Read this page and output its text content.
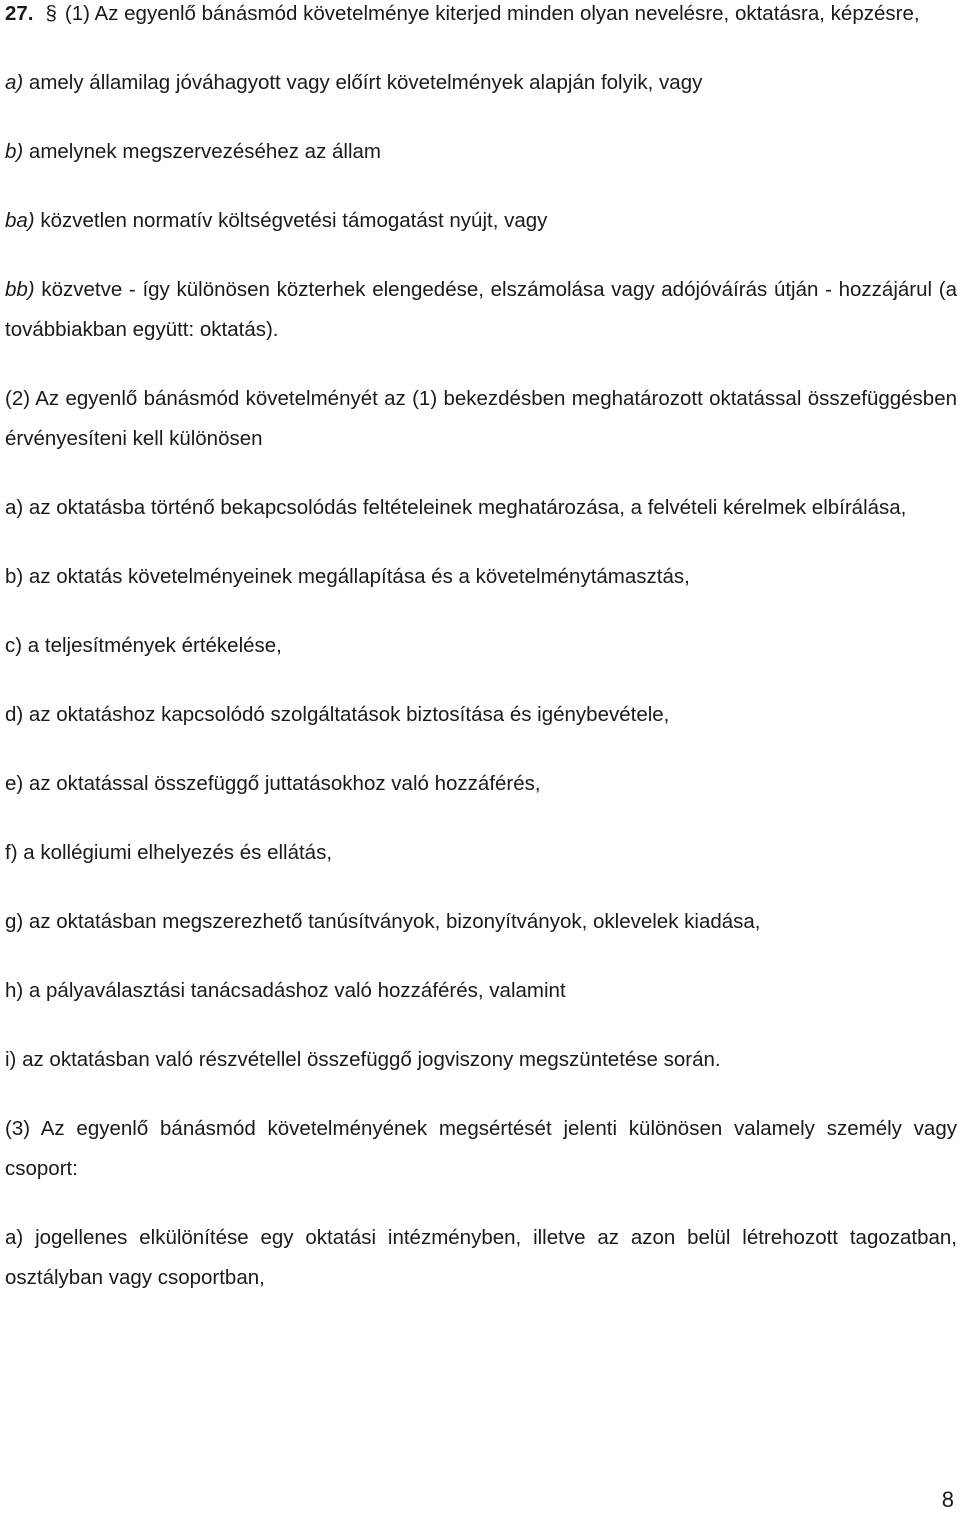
27. § (1) Az egyenlő bánásmód követelménye kiterjed minden olyan nevelésre, oktatásra, képzésre,

a) amely államilag jóváhagyott vagy előírt követelmények alapján folyik, vagy

b) amelynek megszervezéséhez az állam

ba) közvetlen normatív költségvetési támogatást nyújt, vagy

bb) közvetve - így különösen közterhek elengedése, elszámolása vagy adójóváírás útján - hozzájárul (a továbbiakban együtt: oktatás).

(2) Az egyenlő bánásmód követelményét az (1) bekezdésben meghatározott oktatással összefüggésben érvényesíteni kell különösen

a) az oktatásba történő bekapcsolódás feltételeinek meghatározása, a felvételi kérelmek elbírálása,

b) az oktatás követelményeinek megállapítása és a követelménytámasztás,

c) a teljesítmények értékelése,

d) az oktatáshoz kapcsolódó szolgáltatások biztosítása és igénybevétele,

e) az oktatással összefüggő juttatásokhoz való hozzáférés,

f) a kollégiumi elhelyezés és ellátás,

g) az oktatásban megszerezhető tanúsítványok, bizonyítványok, oklevelek kiadása,

h) a pályaválasztási tanácsadáshoz való hozzáférés, valamint

i) az oktatásban való részvétellel összefüggő jogviszony megszüntetése során.

(3) Az egyenlő bánásmód követelményének megsértését jelenti különösen valamely személy vagy csoport:

a) jogellenes elkülönítése egy oktatási intézményben, illetve az azon belül létrehozott tagozatban, osztályban vagy csoportban,

8
